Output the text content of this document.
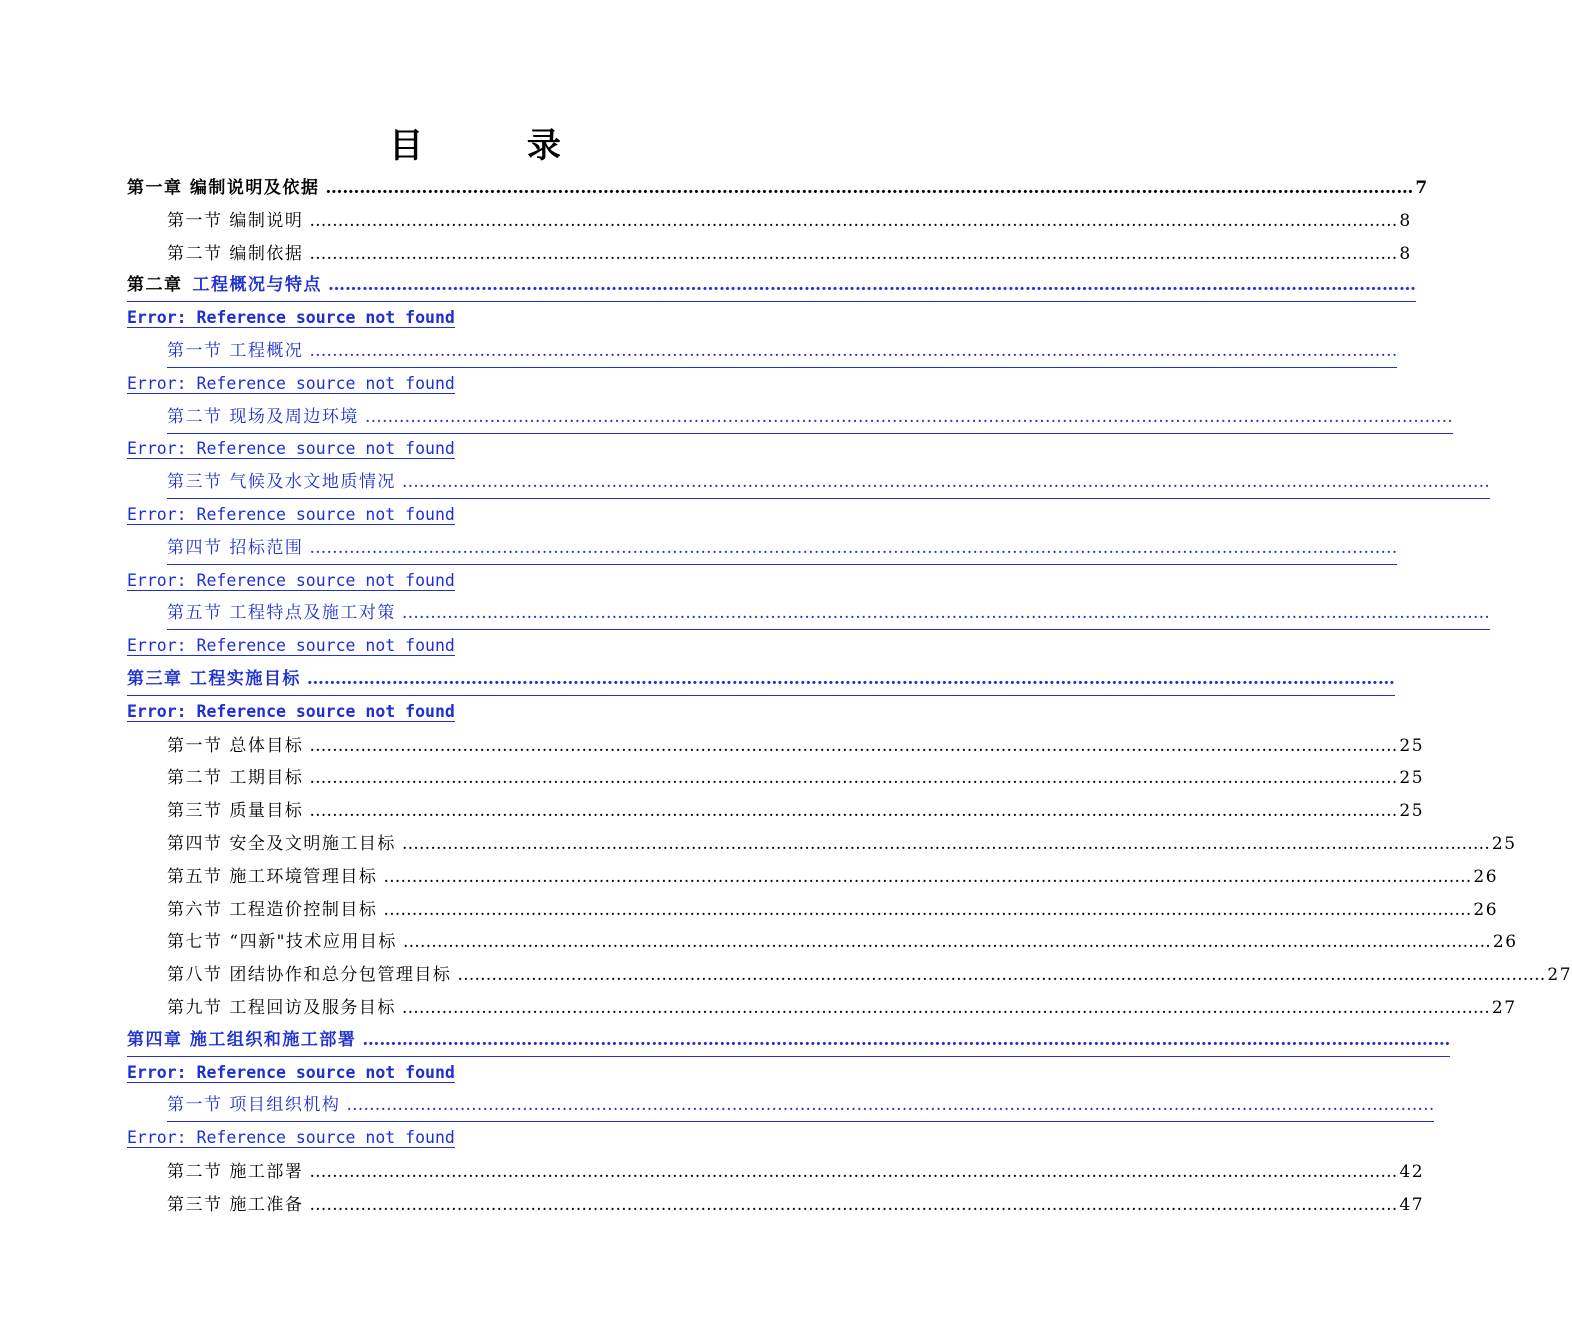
目 录
第一章 编制说明及依据 ………………………………………………………………………………………………………………………………………………………………………… 7
第一节 编制说明 ………………………………………………………………………………………………………………………………………………………………………… 8
第二节 编制依据 ………………………………………………………………………………………………………………………………………………………………………… 8
第二章 工程概况与特点 …………………………………………………………………………………………………………………………………………………………………………
Error: Reference source not found
第一节 工程概况 …………………………………………………………………………………………………………………………………………………………………………
Error: Reference source not found
第二节 现场及周边环境 …………………………………………………………………………………………………………………………………………………………………………
Error: Reference source not found
第三节 气候及水文地质情况 …………………………………………………………………………………………………………………………………………………………………………
Error: Reference source not found
第四节 招标范围 …………………………………………………………………………………………………………………………………………………………………………
Error: Reference source not found
第五节 工程特点及施工对策 …………………………………………………………………………………………………………………………………………………………………………
Error: Reference source not found
第三章 工程实施目标 …………………………………………………………………………………………………………………………………………………………………………
Error: Reference source not found
第一节 总体目标 ………………………………………………………………………………………………………………………………………………………………………… 25
第二节 工期目标 ………………………………………………………………………………………………………………………………………………………………………… 25
第三节 质量目标 ………………………………………………………………………………………………………………………………………………………………………… 25
第四节 安全及文明施工目标 ………………………………………………………………………………………………………………………………………………………………………… 25
第五节 施工环境管理目标 ………………………………………………………………………………………………………………………………………………………………………… 26
第六节 工程造价控制目标 ………………………………………………………………………………………………………………………………………………………………………… 26
第七节 “四新"技术应用目标 ………………………………………………………………………………………………………………………………………………………………………… 26
第八节 团结协作和总分包管理目标 ………………………………………………………………………………………………………………………………………………………………………… 27
第九节 工程回访及服务目标 ………………………………………………………………………………………………………………………………………………………………………… 27
第四章 施工组织和施工部署 …………………………………………………………………………………………………………………………………………………………………………
Error: Reference source not found
第一节 项目组织机构 …………………………………………………………………………………………………………………………………………………………………………
Error: Reference source not found
第二节 施工部署 ………………………………………………………………………………………………………………………………………………………………………… 42
第三节 施工准备 ………………………………………………………………………………………………………………………………………………………………………… 47
